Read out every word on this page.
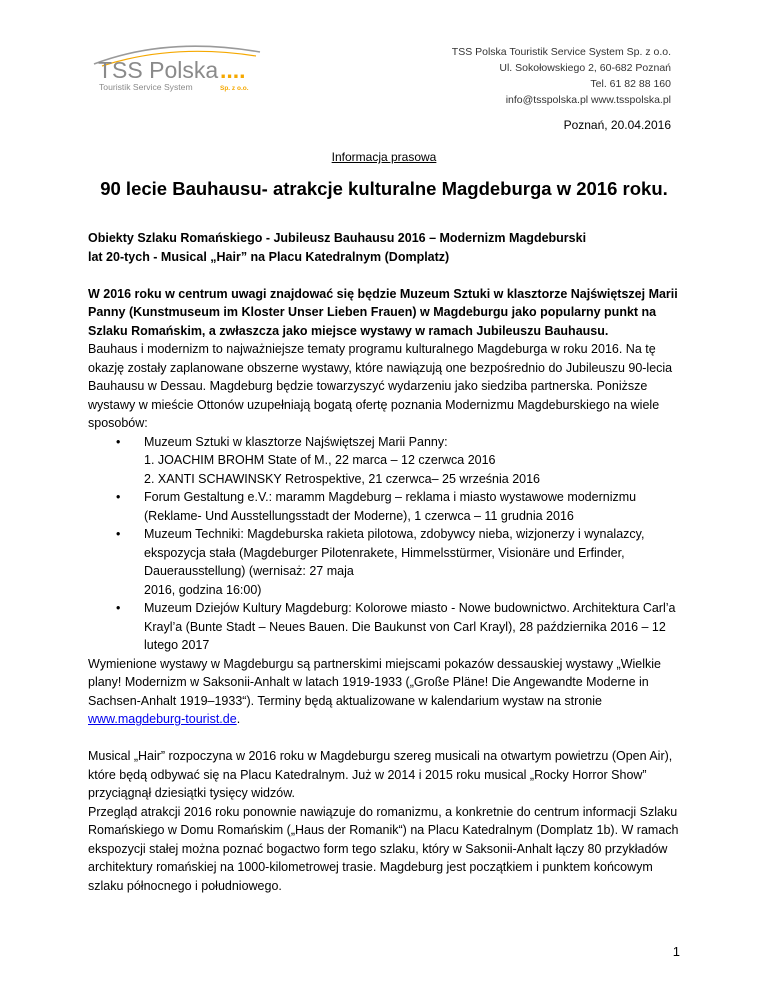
TSS Polska ....
Touristik Service System	Sp. z o.o.
TSS Polska Touristik Service System Sp. z o.o.
Ul. Sokołowskiego 2, 60-682 Poznań
Tel. 61 82 88 160
info@tsspolska.pl www.tsspolska.pl
Poznań, 20.04.2016
Informacja prasowa
90 lecie Bauhausu- atrakcje kulturalne Magdeburga w 2016 roku.

Obiekty Szlaku Romańskiego - Jubileusz Bauhausu 2016 – Modernizm Magdeburski

lat 20-tych - Musical „Hair” na Placu Katedralnym (Domplatz)

W 2016 roku w centrum uwagi znajdować się będzie Muzeum Sztuki w klasztorze Najświętszej Marii Panny (Kunstmuseum im Kloster Unser Lieben Frauen) w Magdeburgu jako popularny punkt na Szlaku Romańskim, a zwłaszcza jako miejsce wystawy w ramach Jubileuszu Bauhausu.

Bauhaus i modernizm to najważniejsze tematy programu kulturalnego Magdeburga w roku 2016. Na tę okazję zostały zaplanowane obszerne wystawy, które nawiązują one bezpośrednio do Jubileuszu 90-lecia Bauhausu w Dessau. Magdeburg będzie towarzyszyć wydarzeniu jako siedziba partnerska. Poniższe wystawy w mieście Ottonów uzupełniają bogatą ofertę poznania Modernizmu Magdeburskiego na wiele sposobów:

• Muzeum Sztuki w klasztorze Najświętszej Marii Panny:
1. JOACHIM BROHM State of M., 22 marca – 12 czerwca 2016
2. XANTI SCHAWINSKY Retrospektive, 21 czerwca– 25 września 2016
• Forum Gestaltung e.V.: maramm Magdeburg – reklama i miasto wystawowe modernizmu (Reklame- Und Ausstellungsstadt der Moderne), 1 czerwca – 11 grudnia 2016
• Muzeum Techniki: Magdeburska rakieta pilotowa, zdobywcy nieba, wizjonerzy i wynalazcy, ekspozycja stała (Magdeburger Pilotenrakete, Himmelsstürmer, Visionäre und Erfinder, Dauerausstellung) (wernisaż: 27 maja
2016, godzina 16:00)
• Muzeum Dziejów Kultury Magdeburg: Kolorowe miasto - Nowe budownictwo. Architektura Carl’a Krayl’a (Bunte Stadt – Neues Bauen. Die Baukunst von Carl Krayl), 28 października 2016 – 12 lutego 2017

Wymienione wystawy w Magdeburgu są partnerskimi miejscami pokazów dessauskiej wystawy „Wielkie plany! Modernizm w Saksonii-Anhalt w latach 1919-1933 („Große Pläne! Die Angewandte Moderne in Sachsen-Anhalt 1919–1933“). Terminy będą aktualizowane w kalendarium wystaw na stronie www.magdeburg-tourist.de.

Musical „Hair” rozpoczyna w 2016 roku w Magdeburgu szereg musicali na otwartym powietrzu (Open Air), które będą odbywać się na Placu Katedralnym. Już w 2014 i 2015 roku musical „Rocky Horror Show” przyciągnął dziesiątki tysięcy widzów.

Przegląd atrakcji 2016 roku ponownie nawiązuje do romanizmu, a konkretnie do centrum informacji Szlaku Romańskiego w Domu Romańskim („Haus der Romanik“) na Placu Katedralnym (Domplatz 1b). W ramach ekspozycji stałej można poznać bogactwo form tego szlaku, który w Saksonii-Anhalt łączy 80 przykładów architektury romańskiej na 1000-kilometrowej trasie. Magdeburg jest początkiem i punktem końcowym szlaku północnego i południowego.

1
